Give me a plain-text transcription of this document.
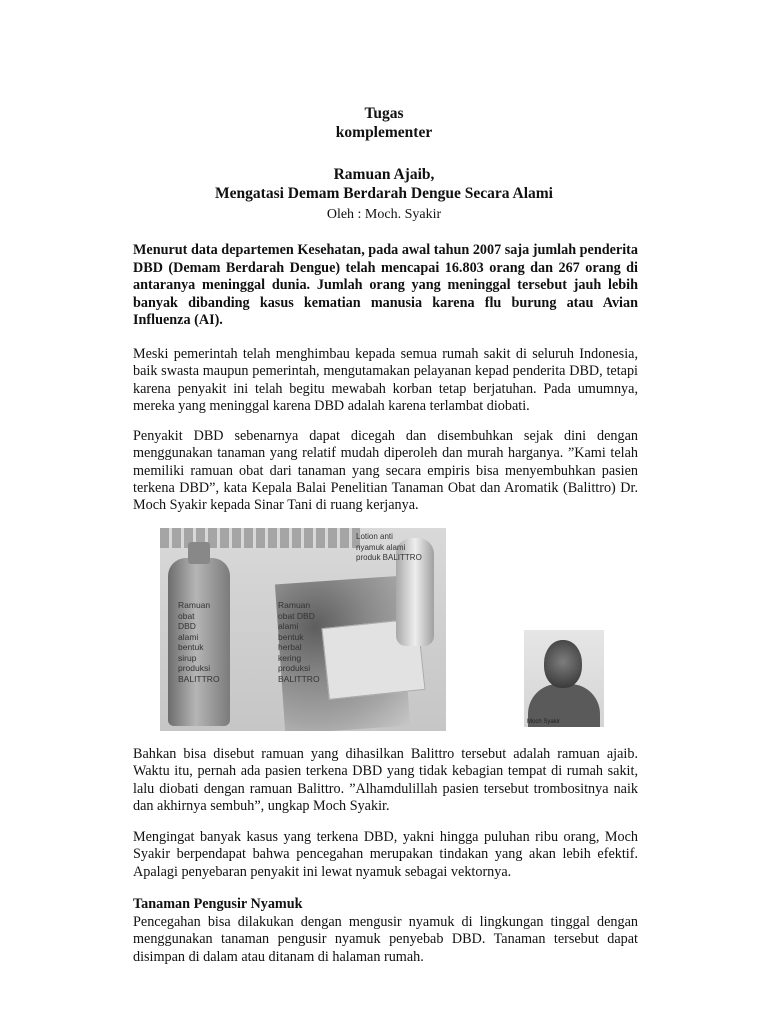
Tugas
komplementer
Ramuan Ajaib,
Mengatasi Demam Berdarah Dengue Secara Alami
Oleh : Moch. Syakir

Menurut data departemen Kesehatan, pada awal tahun 2007 saja jumlah penderita DBD (Demam Berdarah Dengue) telah mencapai 16.803 orang dan 267 orang di antaranya meninggal dunia. Jumlah orang yang meninggal tersebut jauh lebih banyak dibanding kasus kematian manusia karena flu burung atau Avian Influenza (AI).

Meski pemerintah telah menghimbau kepada semua rumah sakit di seluruh Indonesia, baik swasta maupun pemerintah, mengutamakan pelayanan kepad penderita DBD, tetapi karena penyakit ini telah begitu mewabah korban tetap berjatuhan. Pada umumnya, mereka yang meninggal karena DBD adalah karena terlambat diobati.

Penyakit DBD sebenarnya dapat dicegah dan disembuhkan sejak dini dengan menggunakan tanaman yang relatif mudah diperoleh dan murah harganya. ”Kami telah memiliki ramuan obat dari tanaman yang secara empiris bisa menyembuhkan pasien terkena DBD”, kata Kepala Balai Penelitian Tanaman Obat dan Aromatik (Balittro) Dr. Moch Syakir kepada Sinar Tani di ruang kerjanya.

Ramuan
obat
DBD
alami
bentuk
sirup
produksi
BALITTRO
Ramuan
obat DBD
alami
bentuk
herbal
kering
produksi
BALITTRO
Lotion anti
nyamuk alami
produk BALITTRO
Moch Syakir

Bahkan bisa disebut ramuan yang dihasilkan Balittro tersebut adalah ramuan ajaib. Waktu itu, pernah ada pasien terkena DBD yang tidak kebagian tempat di rumah sakit, lalu diobati dengan ramuan Balittro. ”Alhamdulillah pasien tersebut trombositnya naik dan akhirnya sembuh”, ungkap Moch Syakir.

Mengingat banyak kasus yang terkena DBD, yakni hingga puluhan ribu orang, Moch Syakir berpendapat bahwa pencegahan merupakan tindakan yang akan lebih efektif. Apalagi penyebaran penyakit ini lewat nyamuk sebagai vektornya.

Tanaman Pengusir Nyamuk

Pencegahan bisa dilakukan dengan mengusir nyamuk di lingkungan tinggal dengan menggunakan tanaman pengusir nyamuk penyebab DBD. Tanaman tersebut dapat disimpan di dalam atau ditanam di halaman rumah.
